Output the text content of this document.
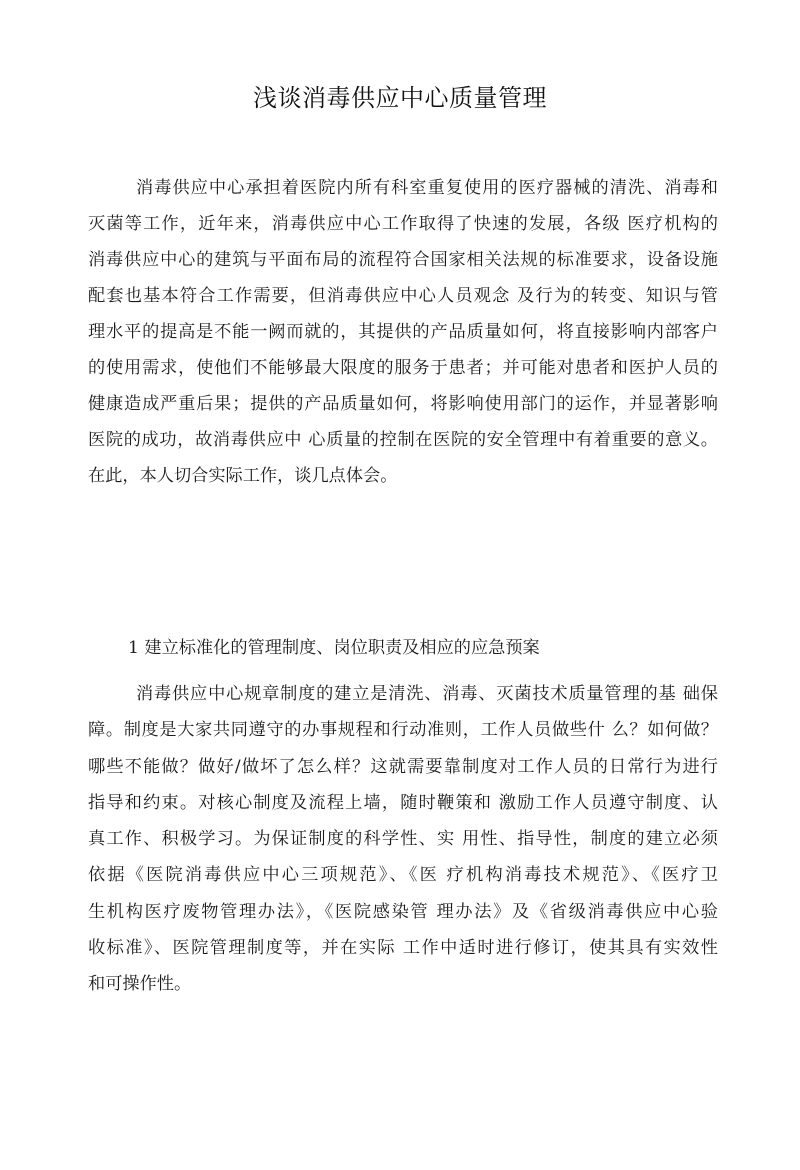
浅谈消毒供应中心质量管理
消毒供应中心承担着医院内所有科室重复使用的医疗器械的清洗、消毒和
灭菌等工作，近年来，消毒供应中心工作取得了快速的发展，各级 医疗机构的
消毒供应中心的建筑与平面布局的流程符合国家相关法规的标准要求，设备设施
配套也基本符合工作需要，但消毒供应中心人员观念 及行为的转变、知识与管
理水平的提高是不能一阙而就的，其提供的产品质量如何，将直接影响内部客户
的使用需求，使他们不能够最大限度的服务于患者；并可能对患者和医护人员的
健康造成严重后果；提供的产品质量如何，将影响使用部门的运作，并显著影响
医院的成功，故消毒供应中 心质量的控制在医院的安全管理中有着重要的意义。
在此，本人切合实际工作，谈几点体会。

1 建立标准化的管理制度、岗位职责及相应的应急预案

消毒供应中心规章制度的建立是清洗、消毒、灭菌技术质量管理的基 础保
障。制度是大家共同遵守的办事规程和行动准则，工作人员做些什 么？如何做？
哪些不能做？做好/做坏了怎么样？这就需要靠制度对工作人员的日常行为进行
指导和约束。对核心制度及流程上墙，随时鞭策和 激励工作人员遵守制度、认
真工作、积极学习。为保证制度的科学性、实 用性、指导性，制度的建立必须
依据《医院消毒供应中心三项规范》、《医 疗机构消毒技术规范》、《医疗卫
生机构医疗废物管理办法》，《医院感染管 理办法》及《省级消毒供应中心验
收标准》、医院管理制度等，并在实际 工作中适时进行修订，使其具有实效性
和可操作性。
